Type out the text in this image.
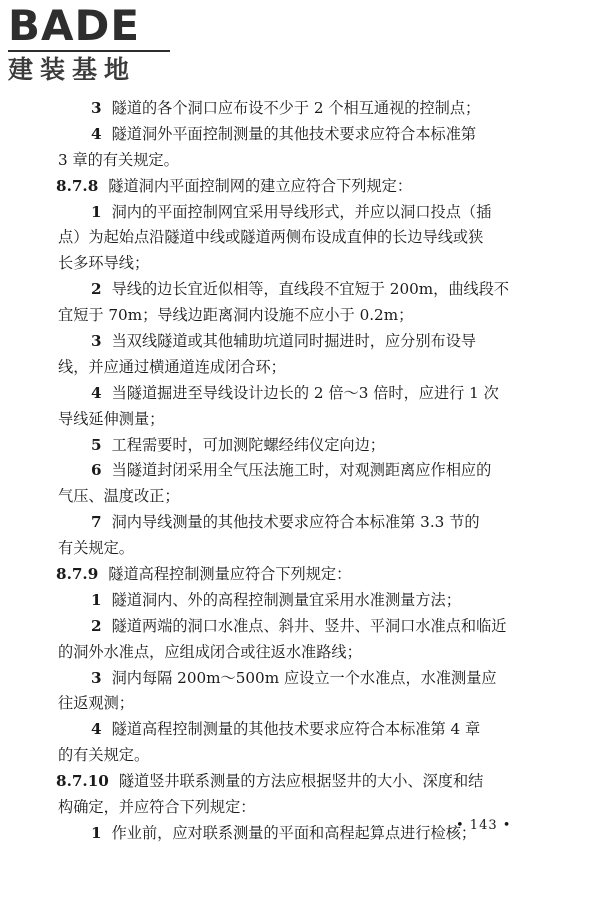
BADE
建装基地
3 隧道的各个洞口应布设不少于 2 个相互通视的控制点；
4 隧道洞外平面控制测量的其他技术要求应符合本标准第
3 章的有关规定。
8.7.8 隧道洞内平面控制网的建立应符合下列规定：
1 洞内的平面控制网宜采用导线形式，并应以洞口投点（插
点）为起始点沿隧道中线或隧道两侧布设成直伸的长边导线或狭
长多环导线；
2 导线的边长宜近似相等，直线段不宜短于 200m，曲线段不
宜短于 70m；导线边距离洞内设施不应小于 0.2m；
3 当双线隧道或其他辅助坑道同时掘进时，应分别布设导
线，并应通过横通道连成闭合环；
4 当隧道掘进至导线设计边长的 2 倍～3 倍时，应进行 1 次
导线延伸测量；
5 工程需要时，可加测陀螺经纬仪定向边；
6 当隧道封闭采用全气压法施工时，对观测距离应作相应的
气压、温度改正；
7 洞内导线测量的其他技术要求应符合本标准第 3.3 节的
有关规定。
8.7.9 隧道高程控制测量应符合下列规定：
1 隧道洞内、外的高程控制测量宜采用水准测量方法；
2 隧道两端的洞口水准点、斜井、竖井、平洞口水准点和临近
的洞外水准点，应组成闭合或往返水准路线；
3 洞内每隔 200m～500m 应设立一个水准点，水准测量应
往返观测；
4 隧道高程控制测量的其他技术要求应符合本标准第 4 章
的有关规定。
8.7.10 隧道竖井联系测量的方法应根据竖井的大小、深度和结
构确定，并应符合下列规定：
1 作业前，应对联系测量的平面和高程起算点进行检核；
• 143 •
